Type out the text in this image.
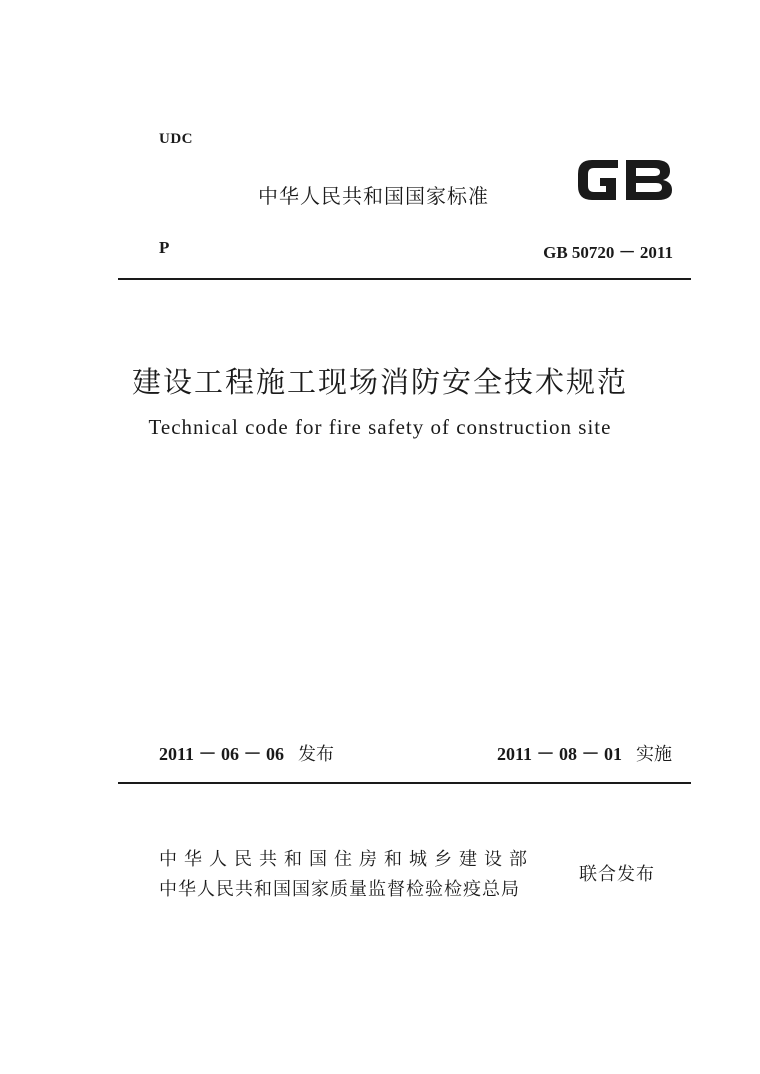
UDC
中华人民共和国国家标准
P	GB 50720 － 2011
建设工程施工现场消防安全技术规范
Technical code for fire safety of construction site
2011 － 06 － 06 发布	2011 － 08 － 01 实施
中华人民共和国住房和城乡建设部
中华人民共和国国家质量监督检验检疫总局
联合发布
